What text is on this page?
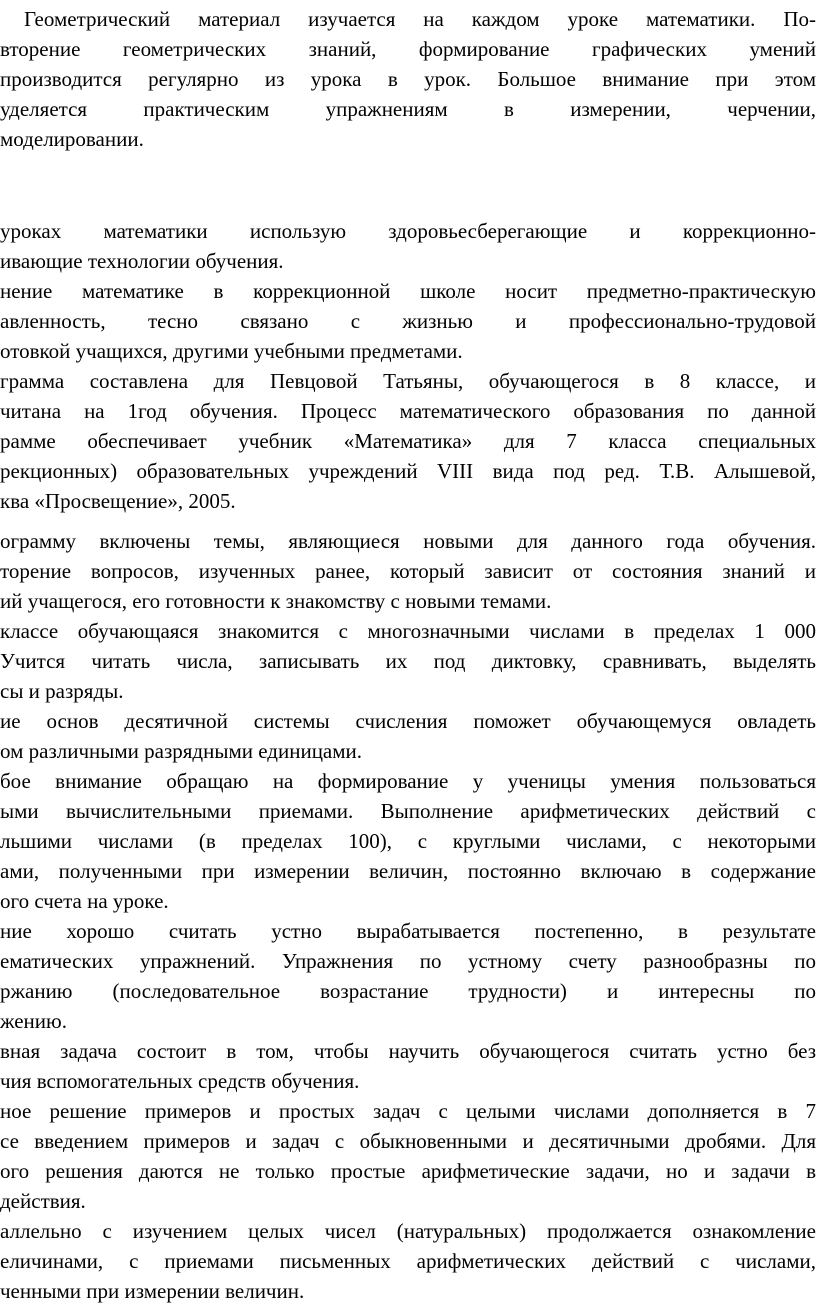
Геометрический материал изучается на каждом уроке математики. По-
вторение геометрических знаний, формирование графических умений
производится регулярно из урока в урок. Большое внимание при этом
уделяется практическим упражнениям в измерении, черчении,
моделировании.
уроках математики использую здоровьесберегающие и коррекционно-
ивающие технологии обучения.
нение математике в коррекционной школе носит предметно-практическую
авленность, тесно связано с жизнью и профессионально-трудовой
отовкой учащихся, другими учебными предметами.
грамма составлена для Певцовой Татьяны, обучающегося в 8 классе, и
читана на 1год обучения. Процесс математического образования по данной
рамме обеспечивает учебник «Математика» для 7 класса специальных
рекционных) образовательных учреждений VIII вида под ред. Т.В. Алышевой,
ква «Просвещение», 2005.
ограмму включены темы, являющиеся новыми для данного года обучения.
торение вопросов, изученных ранее, который зависит от состояния знаний и
ий учащегося, его готовности к знакомству с новыми темами.
классе обучающаяся знакомится с многозначными числами в пределах 1 000
Учится читать числа, записывать их под диктовку, сравнивать, выделять
сы и разряды.
ие основ десятичной системы счисления поможет обучающемуся овладеть
ом различными разрядными единицами.
бое внимание обращаю на формирование у ученицы умения пользоваться
ыми вычислительными приемами. Выполнение арифметических действий с
льшими числами (в пределах 100), с круглыми числами, с некоторыми
ами, полученными при измерении величин, постоянно включаю в содержание
ого счета на уроке.
ние хорошо считать устно вырабатывается постепенно, в результате
ематических упражнений. Упражнения по устному счету разнообразны по
ржанию (последовательное возрастание трудности) и интересны по
жению.
вная задача состоит в том, чтобы научить обучающегося считать устно без
чия вспомогательных средств обучения.
ное решение примеров и простых задач с целыми числами дополняется в 7
се введением примеров и задач с обыкновенными и десятичными дробями. Для
ого решения даются не только простые арифметические задачи, но и задачи в
действия.
аллельно с изучением целых чисел (натуральных) продолжается ознакомление
еличинами, с приемами письменных арифметических действий с числами,
ченными при измерении величин.
